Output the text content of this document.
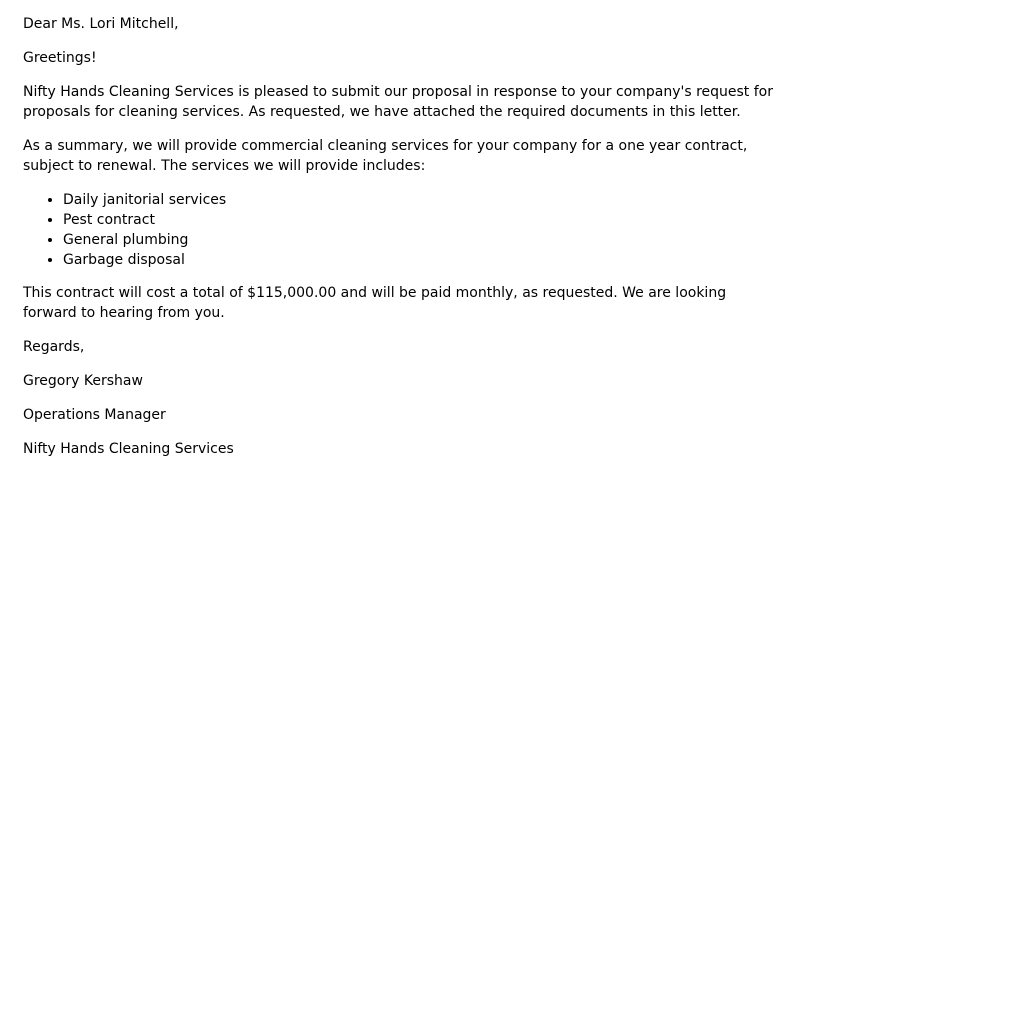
Dear Ms. Lori Mitchell,

Greetings!

Nifty Hands Cleaning Services is pleased to submit our proposal in response to your company's request for proposals for cleaning services. As requested, we have attached the required documents in this letter.

As a summary, we will provide commercial cleaning services for your company for a one year contract, subject to renewal. The services we will provide includes:

• Daily janitorial services
• Pest contract
• General plumbing
• Garbage disposal

This contract will cost a total of $115,000.00 and will be paid monthly, as requested. We are looking forward to hearing from you.

Regards,

Gregory Kershaw

Operations Manager

Nifty Hands Cleaning Services
